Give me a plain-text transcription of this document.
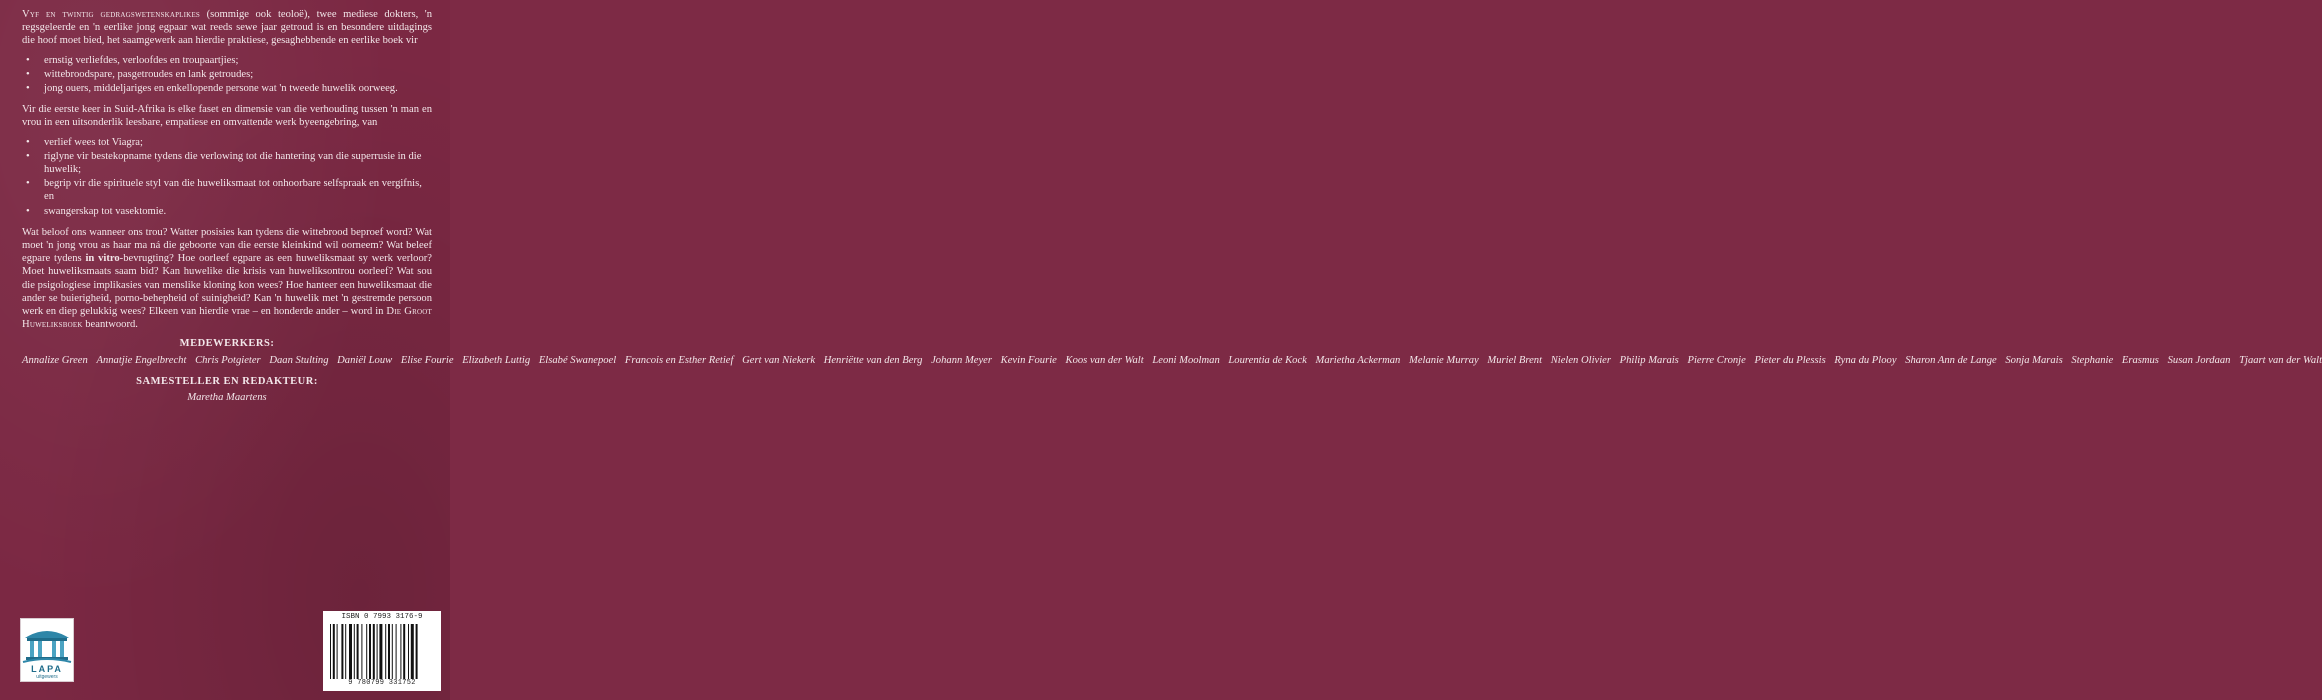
Vyf en twintig gedragswetenskaplikes (sommige ook teoloë), twee mediese dokters, 'n regsgeleerde en 'n eerlike jong egpaar wat reeds sewe jaar getroud is en besondere uitdagings die hoof moet bied, het saamgewerk aan hierdie praktiese, gesaghebbende en eerlike boek vir

• ernstig verliefdes, verloofdes en troupaartjies;
• wittebroodspare, pasgetroudes en lank getroudes;
• jong ouers, middeljariges en enkellopende persone wat 'n tweede huwelik oorweeg.

Vir die eerste keer in Suid-Afrika is elke faset en dimensie van die verhouding tussen 'n man en vrou in een uitsonderlik leesbare, empatiese en omvattende werk byeengebring, van

• verlief wees tot Viagra;
• riglyne vir bestekopname tydens die verlowing tot die hantering van die superrusie in die huwelik;
• begrip vir die spirituele styl van die huweliksmaat tot onhoorbare selfspraak en vergifnis, en
• swangerskap tot vasektomie.

Wat beloof ons wanneer ons trou? Watter posisies kan tydens die wittebrood beproef word? Wat moet 'n jong vrou as haar ma ná die geboorte van die eerste kleinkind wil oorneem? Wat beleef egpare tydens in vitro-bevrugting? Hoe oorleef egpare as een huweliksmaat sy werk verloor? Moet huweliksmaats saam bid? Kan huwelike die krisis van huweliksontrou oorleef? Wat sou die psigologiese implikasies van menslike kloning kon wees? Hoe hanteer een huweliksmaat die ander se buierigheid, porno-behepheid of suinigheid? Kan 'n huwelik met 'n gestremde persoon werk en diep gelukkig wees? Elkeen van hierdie vrae – en honderde ander – word in Die Groot Huweliksboek beantwoord.

MEDEWERKERS:
Annalize Green Annatjie Engelbrecht Chris Potgieter Daan Stulting Daniël Louw Elise Fourie Elizabeth Luttig Elsabé Swanepoel Francois en Esther Retief Gert van Niekerk Henriëtte van den Berg Johann Meyer Kevin Fourie Koos van der Walt Leoni Moolman Lourentia de Kock Marietha Ackerman Melanie Murray Muriel Brent Nielen Olivier Philip Marais Pierre Cronje Pieter du Plessis Ryna du Plooy Sharon Ann de Lange Sonja Marais Stephanie Erasmus Susan Jordaan Tjaart van der Walt
SAMESTELLER EN REDAKTEUR:
Maretha Maartens
LAPA
uitgewers
ISBN 0 7993 3176-9
9 780799 331752
